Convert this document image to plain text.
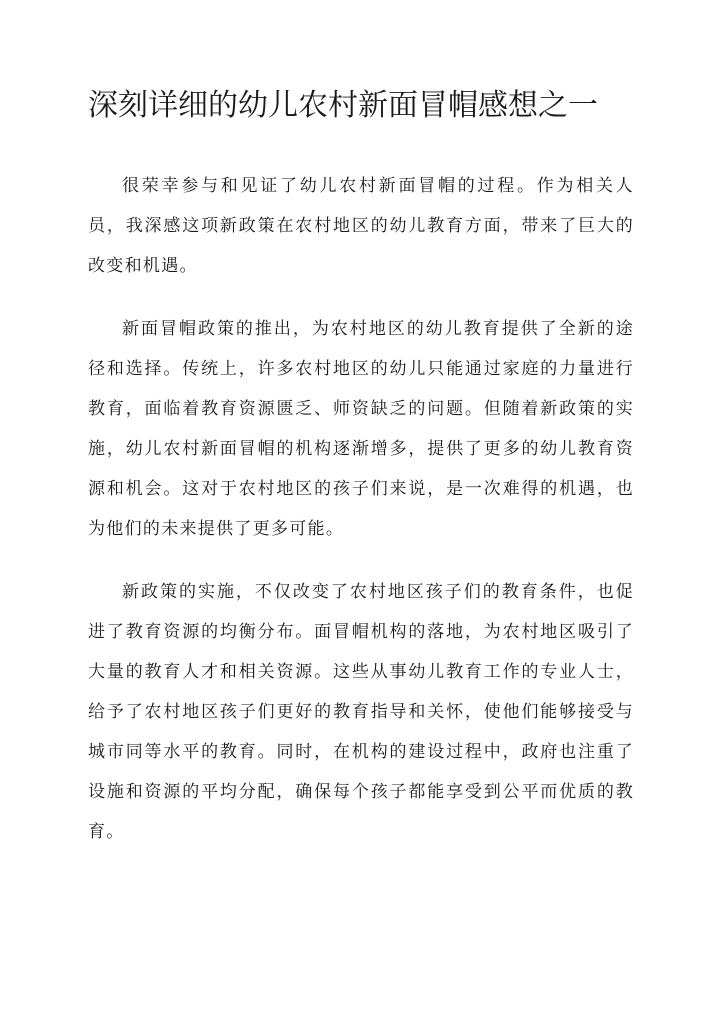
深刻详细的幼儿农村新面冒帽感想之一

很荣幸参与和见证了幼儿农村新面冒帽的过程。作为相关人员，我深感这项新政策在农村地区的幼儿教育方面，带来了巨大的改变和机遇。

新面冒帽政策的推出，为农村地区的幼儿教育提供了全新的途径和选择。传统上，许多农村地区的幼儿只能通过家庭的力量进行教育，面临着教育资源匮乏、师资缺乏的问题。但随着新政策的实施，幼儿农村新面冒帽的机构逐渐增多，提供了更多的幼儿教育资源和机会。这对于农村地区的孩子们来说，是一次难得的机遇，也为他们的未来提供了更多可能。

新政策的实施，不仅改变了农村地区孩子们的教育条件，也促进了教育资源的均衡分布。面冒帽机构的落地，为农村地区吸引了大量的教育人才和相关资源。这些从事幼儿教育工作的专业人士，给予了农村地区孩子们更好的教育指导和关怀，使他们能够接受与城市同等水平的教育。同时，在机构的建设过程中，政府也注重了设施和资源的平均分配，确保每个孩子都能享受到公平而优质的教育。
